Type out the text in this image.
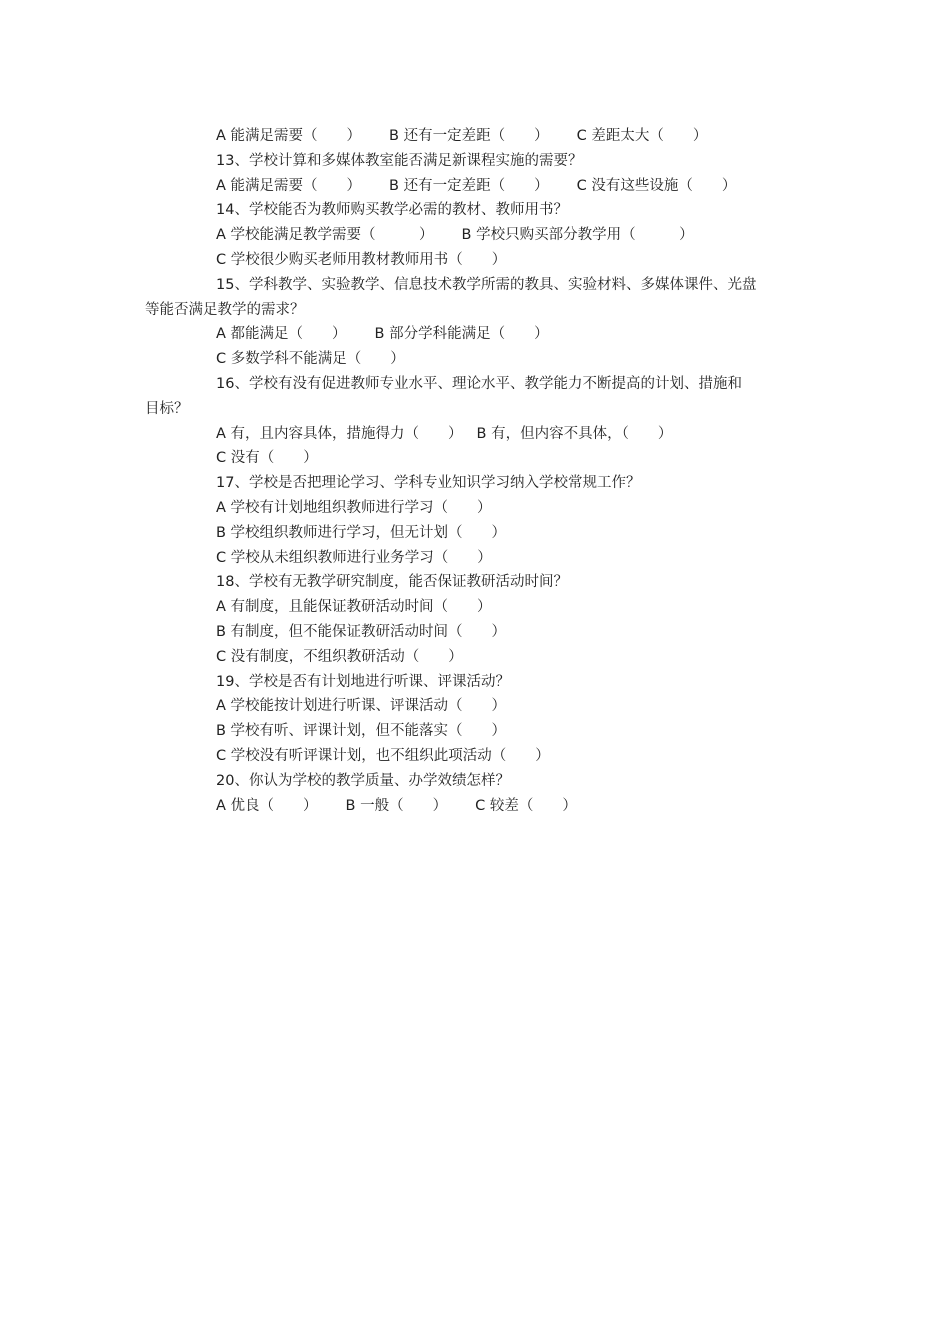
A 能满足需要（　　） B 还有一定差距（　　） C 差距太大（　　）
13、学校计算和多媒体教室能否满足新课程实施的需要？
A 能满足需要（　　） B 还有一定差距（　　） C 没有这些设施（　　）
14、学校能否为教师购买教学必需的教材、教师用书？
A 学校能满足教学需要（　　　） B 学校只购买部分教学用（　　　）
C 学校很少购买老师用教材教师用书（　　）
15、学科教学、实验教学、信息技术教学所需的教具、实验材料、多媒体课件、光盘
等能否满足教学的需求？
A 都能满足（　　） B 部分学科能满足（　　）
C 多数学科不能满足（　　）
16、学校有没有促进教师专业水平、理论水平、教学能力不断提高的计划、措施和
目标？
A 有，且内容具体，措施得力（　　） B 有，但内容不具体，（　　）
C 没有（　　）
17、学校是否把理论学习、学科专业知识学习纳入学校常规工作？
A 学校有计划地组织教师进行学习（　　）
B 学校组织教师进行学习，但无计划（　　）
C 学校从未组织教师进行业务学习（　　）
18、学校有无教学研究制度，能否保证教研活动时间？
A 有制度，且能保证教研活动时间（　　）
B 有制度，但不能保证教研活动时间（　　）
C 没有制度，不组织教研活动（　　）
19、学校是否有计划地进行听课、评课活动？
A 学校能按计划进行听课、评课活动（　　）
B 学校有听、评课计划，但不能落实（　　）
C 学校没有听评课计划，也不组织此项活动（　　）
20、你认为学校的教学质量、办学效绩怎样？
A 优良（　　） B 一般（　　） C 较差（　　）
